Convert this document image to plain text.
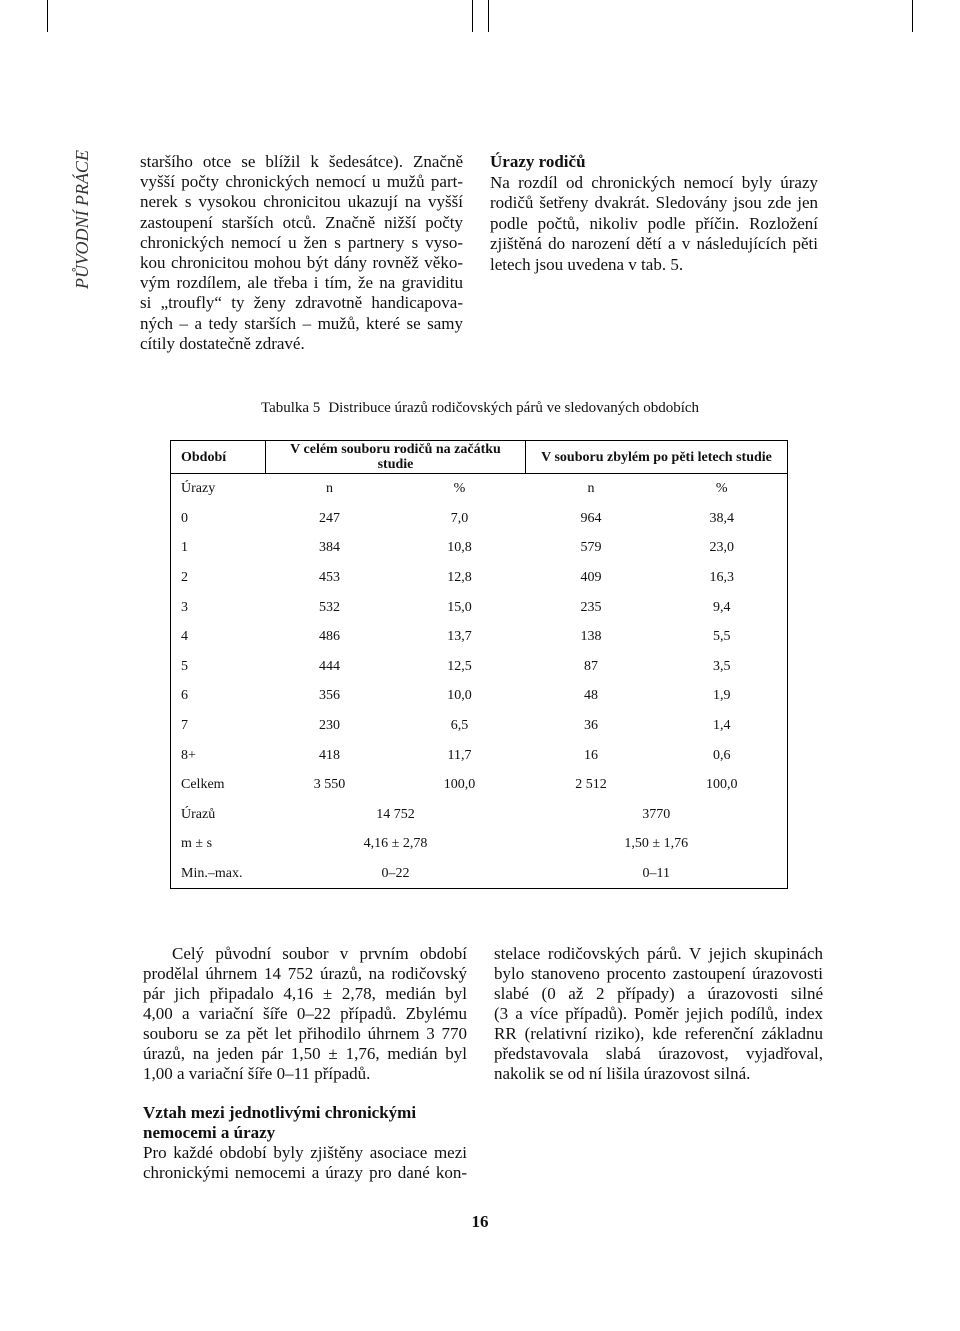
PŮVODNÍ PRÁCE	staršího otce se blížil k šedesátce). Značně
vyšší počty chronických nemocí u mužů part-
nerek s vysokou chronicitou ukazují na vyšší
zastoupení starších otců. Značně nižší počty
chronických nemocí u žen s partnery s vyso-
kou chronicitou mohou být dány rovněž věko-
vým rozdílem, ale třeba i tím, že na graviditu
si „troufly“ ty ženy zdravotně handicapova-
ných – a tedy starších – mužů, které se samy
cítily dostatečně zdravé.
Úrazy rodičů
Na rozdíl od chronických nemocí byly úrazy
rodičů šetřeny dvakrát. Sledovány jsou zde jen
podle počtů, nikoliv podle příčin. Rozložení
zjištěná do narození dětí a v následujících pěti
letech jsou uvedena v tab. 5.
Tabulka 5 Distribuce úrazů rodičovských párů ve sledovaných obdobích
Období	V celém souboru rodičů na začátku studie		V souboru zbylém po pěti letech studie	
Úrazy	n	%	n	%
0	247	7,0	964	38,4
1	384	10,8	579	23,0
2	453	12,8	409	16,3
3	532	15,0	235	9,4
4	486	13,7	138	5,5
5	444	12,5	87	3,5
6	356	10,0	48	1,9
7	230	6,5	36	1,4
8+	418	11,7	16	0,6
Celkem	3 550	100,0	2 512	100,0
Úrazů	14 752		3770	
m ± s	4,16 ± 2,78		1,50 ± 1,76	
Min.–max.	0–22		0–11	
Celý původní soubor v prvním období
prodělal úhrnem 14 752 úrazů, na rodičovský
pár jich připadalo 4,16 ± 2,78, medián byl
4,00 a variační šíře 0–22 případů. Zbylému
souboru se za pět let přihodilo úhrnem 3 770
úrazů, na jeden pár 1,50 ± 1,76, medián byl
1,00 a variační šíře 0–11 případů.
Vztah mezi jednotlivými chronickými nemocemi a úrazy
Pro každé období byly zjištěny asociace mezi
chronickými nemocemi a úrazy pro dané kon-
stelace rodičovských párů. V jejich skupinách
bylo stanoveno procento zastoupení úrazovosti
slabé (0 až 2 případy) a úrazovosti silné
(3 a více případů). Poměr jejich podílů, index
RR (relativní riziko), kde referenční základnu
představovala slabá úrazovost, vyjadřoval,
nakolik se od ní lišila úrazovost silná.
16
